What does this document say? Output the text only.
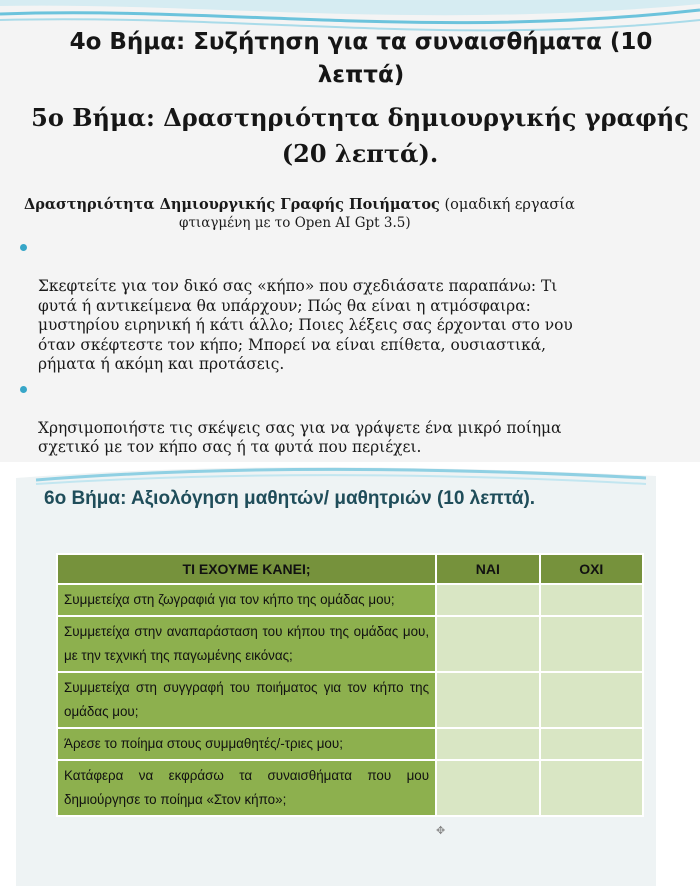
4ο Βήμα: Συζήτηση για τα συναισθήματα (10
λεπτά)
5ο Βήμα: Δραστηριότητα δημιουργικής γραφής
(20 λεπτά).
Δραστηριότητα Δημιουργικής Γραφής Ποιήματος (ομαδική εργασία
φτιαγμένη με το Open AI Gpt 3.5)

Σκεφτείτε για τον δικό σας «κήπο» που σχεδιάσατε παραπάνω: Τι
φυτά ή αντικείμενα θα υπάρχουν; Πώς θα είναι η ατμόσφαιρα:
μυστηρίου ειρηνική ή κάτι άλλο; Ποιες λέξεις σας έρχονται στο νου
όταν σκέφτεστε τον κήπο; Μπορεί να είναι επίθετα, ουσιαστικά,
ρήματα ή ακόμη και προτάσεις.

Χρησιμοποιήστε τις σκέψεις σας για να γράψετε ένα μικρό ποίημα
σχετικό με τον κήπο σας ή τα φυτά που περιέχει.

6ο Βήμα: Αξιολόγηση μαθητών/ μαθητριών (10 λεπτά).
ΤΙ ΕΧΟΥΜΕ ΚΑΝΕΙ;	ΝΑΙ	ΟΧΙ
Συμμετείχα στη ζωγραφιά για τον κήπο της ομάδας μου;		
Συμμετείχα στην αναπαράσταση του κήπου της ομάδας μου, με την τεχνική της παγωμένης εικόνας;		
Συμμετείχα στη συγγραφή του ποιήματος για τον κήπο της ομάδας μου;		
Άρεσε το ποίημα στους συμμαθητές/-τριες μου;		
Κατάφερα να εκφράσω τα συναισθήματα που μου δημιούργησε το ποίημα «Στον κήπο»;		
✥
